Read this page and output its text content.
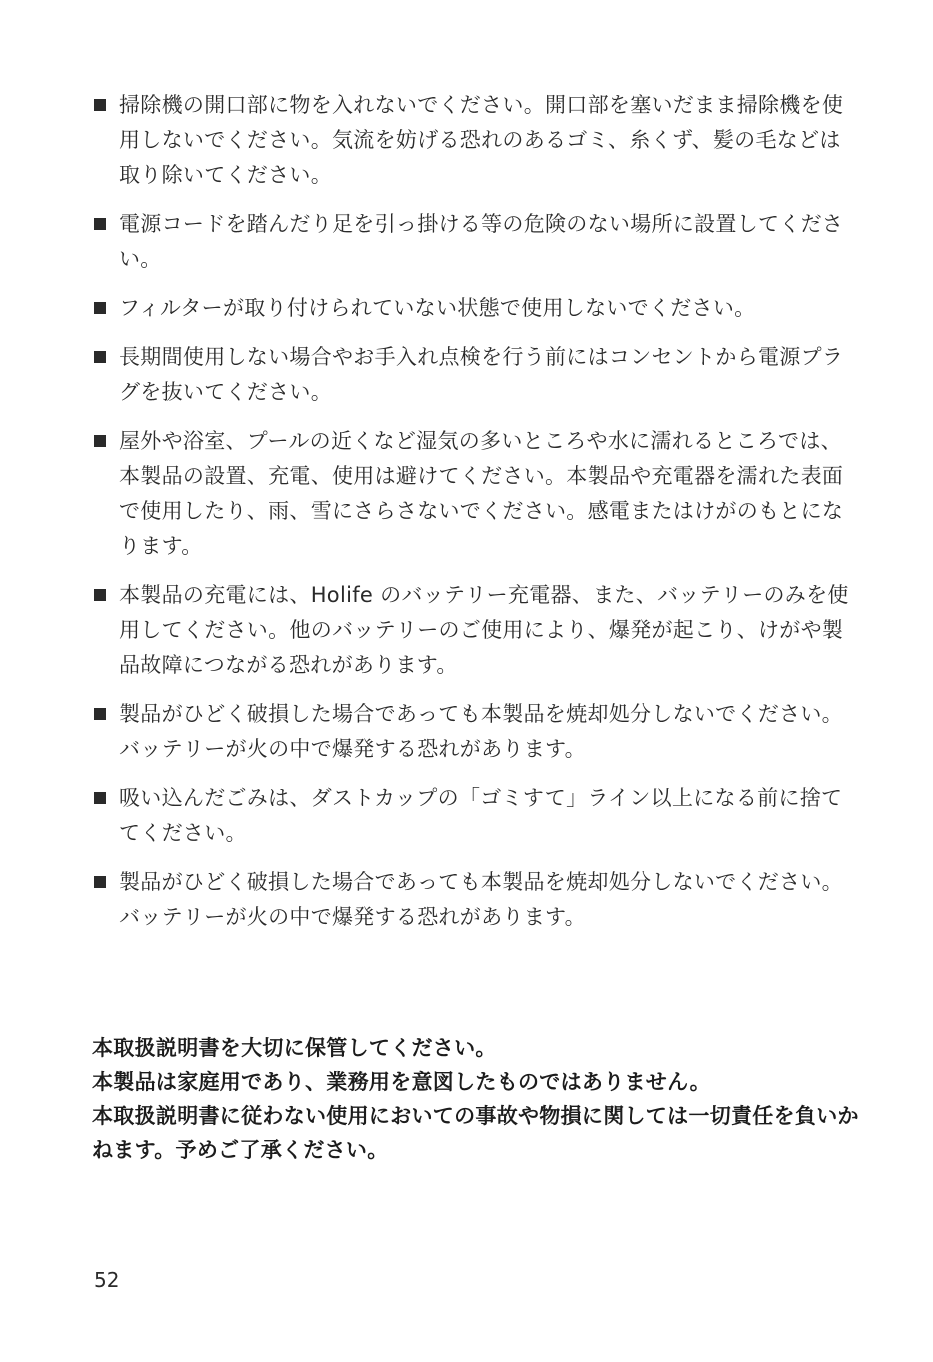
掃除機の開口部に物を入れないでください。開口部を塞いだまま掃除機を使用しないでください。気流を妨げる恐れのあるゴミ、糸くず、髪の毛などは取り除いてください。
電源コードを踏んだり足を引っ掛ける等の危険のない場所に設置してください。
フィルターが取り付けられていない状態で使用しないでください。
長期間使用しない場合やお手入れ点検を行う前にはコンセントから電源プラグを抜いてください。
屋外や浴室、プールの近くなど湿気の多いところや水に濡れるところでは、本製品の設置、充電、使用は避けてください。本製品や充電器を濡れた表面で使用したり、雨、雪にさらさないでください。感電またはけがのもとになります。
本製品の充電には、Holife のバッテリー充電器、また、バッテリーのみを使用してください。他のバッテリーのご使用により、爆発が起こり、けがや製品故障につながる恐れがあります。
製品がひどく破損した場合であっても本製品を焼却処分しないでください。バッテリーが火の中で爆発する恐れがあります。
吸い込んだごみは、ダストカップの「ゴミすて」ライン以上になる前に捨ててください。
製品がひどく破損した場合であっても本製品を焼却処分しないでください。バッテリーが火の中で爆発する恐れがあります。
本取扱説明書を大切に保管してください。
本製品は家庭用であり、業務用を意図したものではありません。
本取扱説明書に従わない使用においての事故や物損に関しては一切責任を負いかねます。予めご了承ください。
52
